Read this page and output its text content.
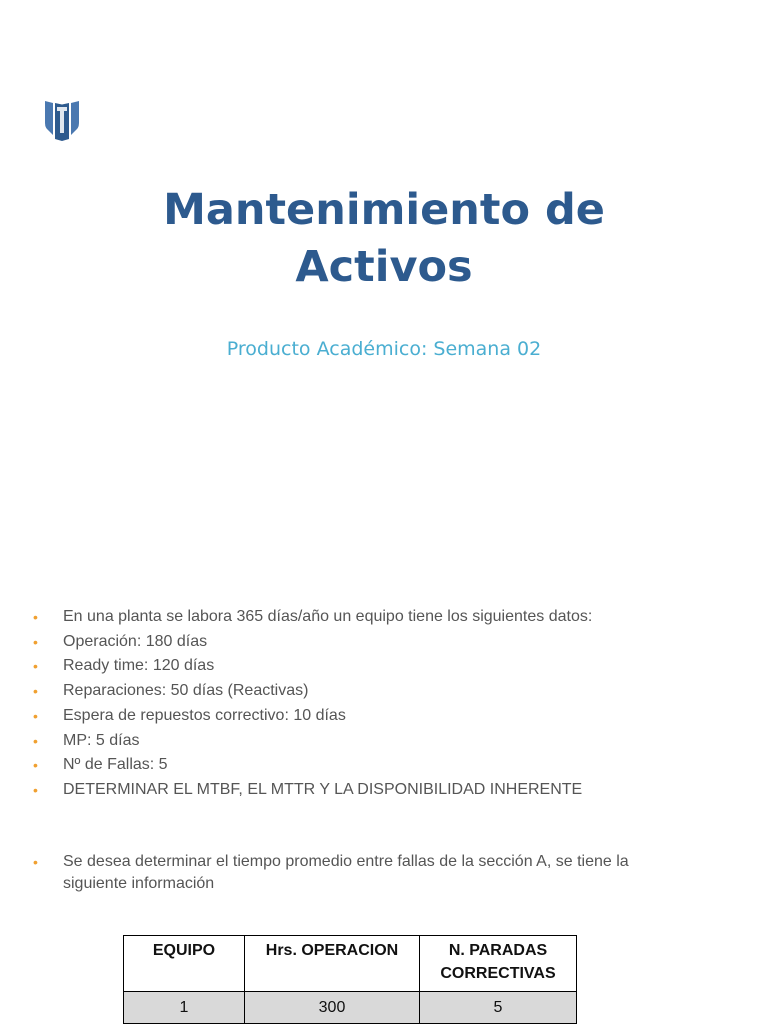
Mantenimiento de
Activos

Producto Académico: Semana 02

• En una planta se labora 365 días/año un equipo tiene los siguientes datos:
• Operación: 180 días
• Ready time: 120 días
• Reparaciones: 50 días (Reactivas)
• Espera de repuestos correctivo: 10 días
• MP: 5 días
• Nº de Fallas: 5
• DETERMINAR EL MTBF, EL MTTR Y LA DISPONIBILIDAD INHERENTE
• Se desea determinar el tiempo promedio entre fallas de la sección A, se tiene la siguiente información
EQUIPO	Hrs. OPERACION	N. PARADAS CORRECTIVAS
1	300	5
